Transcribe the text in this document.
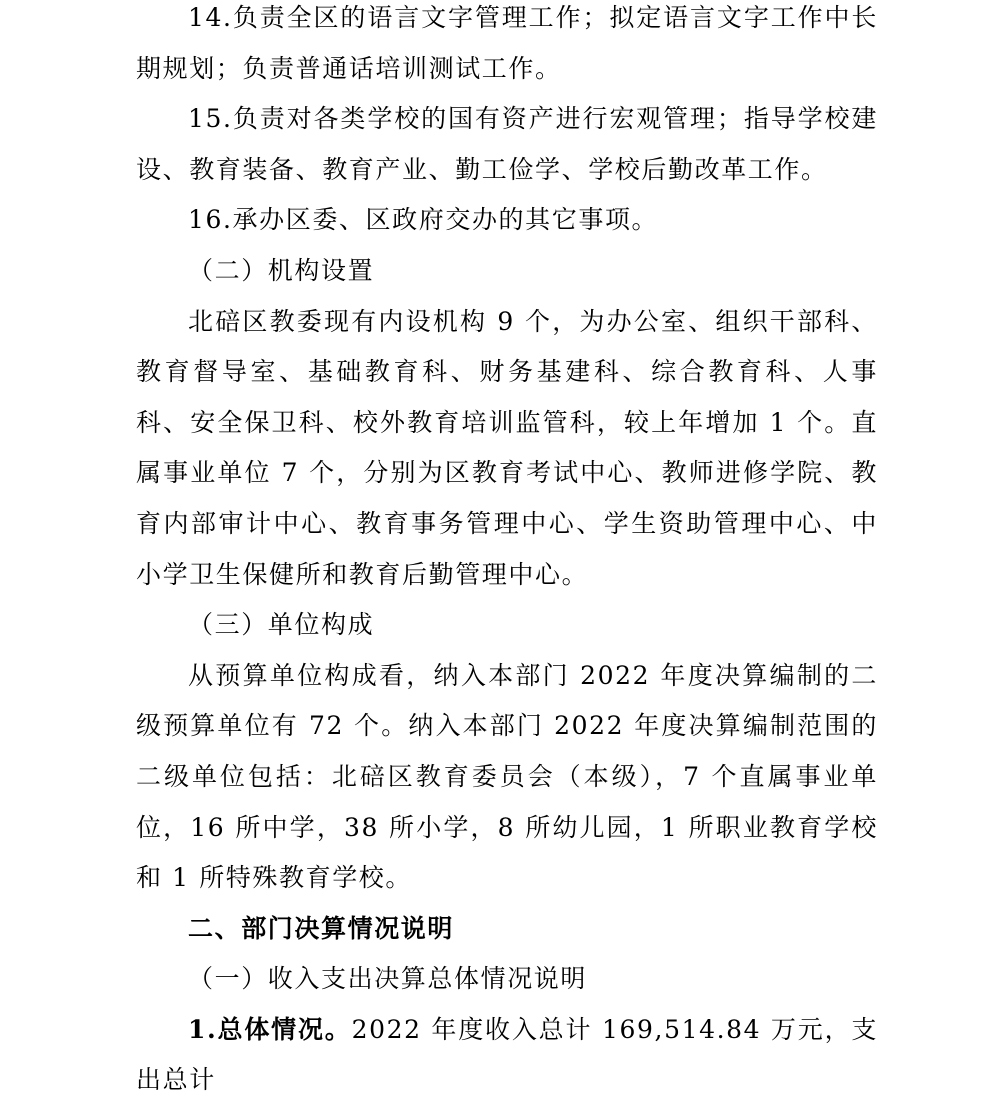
14.负责全区的语言文字管理工作；拟定语言文字工作中长期规划；负责普通话培训测试工作。

15.负责对各类学校的国有资产进行宏观管理；指导学校建设、教育装备、教育产业、勤工俭学、学校后勤改革工作。

16.承办区委、区政府交办的其它事项。

（二）机构设置

北碚区教委现有内设机构 9 个，为办公室、组织干部科、教育督导室、基础教育科、财务基建科、综合教育科、人事科、安全保卫科、校外教育培训监管科，较上年增加 1 个。直属事业单位 7 个，分别为区教育考试中心、教师进修学院、教育内部审计中心、教育事务管理中心、学生资助管理中心、中小学卫生保健所和教育后勤管理中心。

（三）单位构成

从预算单位构成看，纳入本部门 2022 年度决算编制的二级预算单位有 72 个。纳入本部门 2022 年度决算编制范围的二级单位包括：北碚区教育委员会（本级），7 个直属事业单位，16 所中学，38 所小学，8 所幼儿园，1 所职业教育学校和 1 所特殊教育学校。

二、部门决算情况说明

（一）收入支出决算总体情况说明

1.总体情况。2022 年度收入总计 169,514.84 万元，支出总计
